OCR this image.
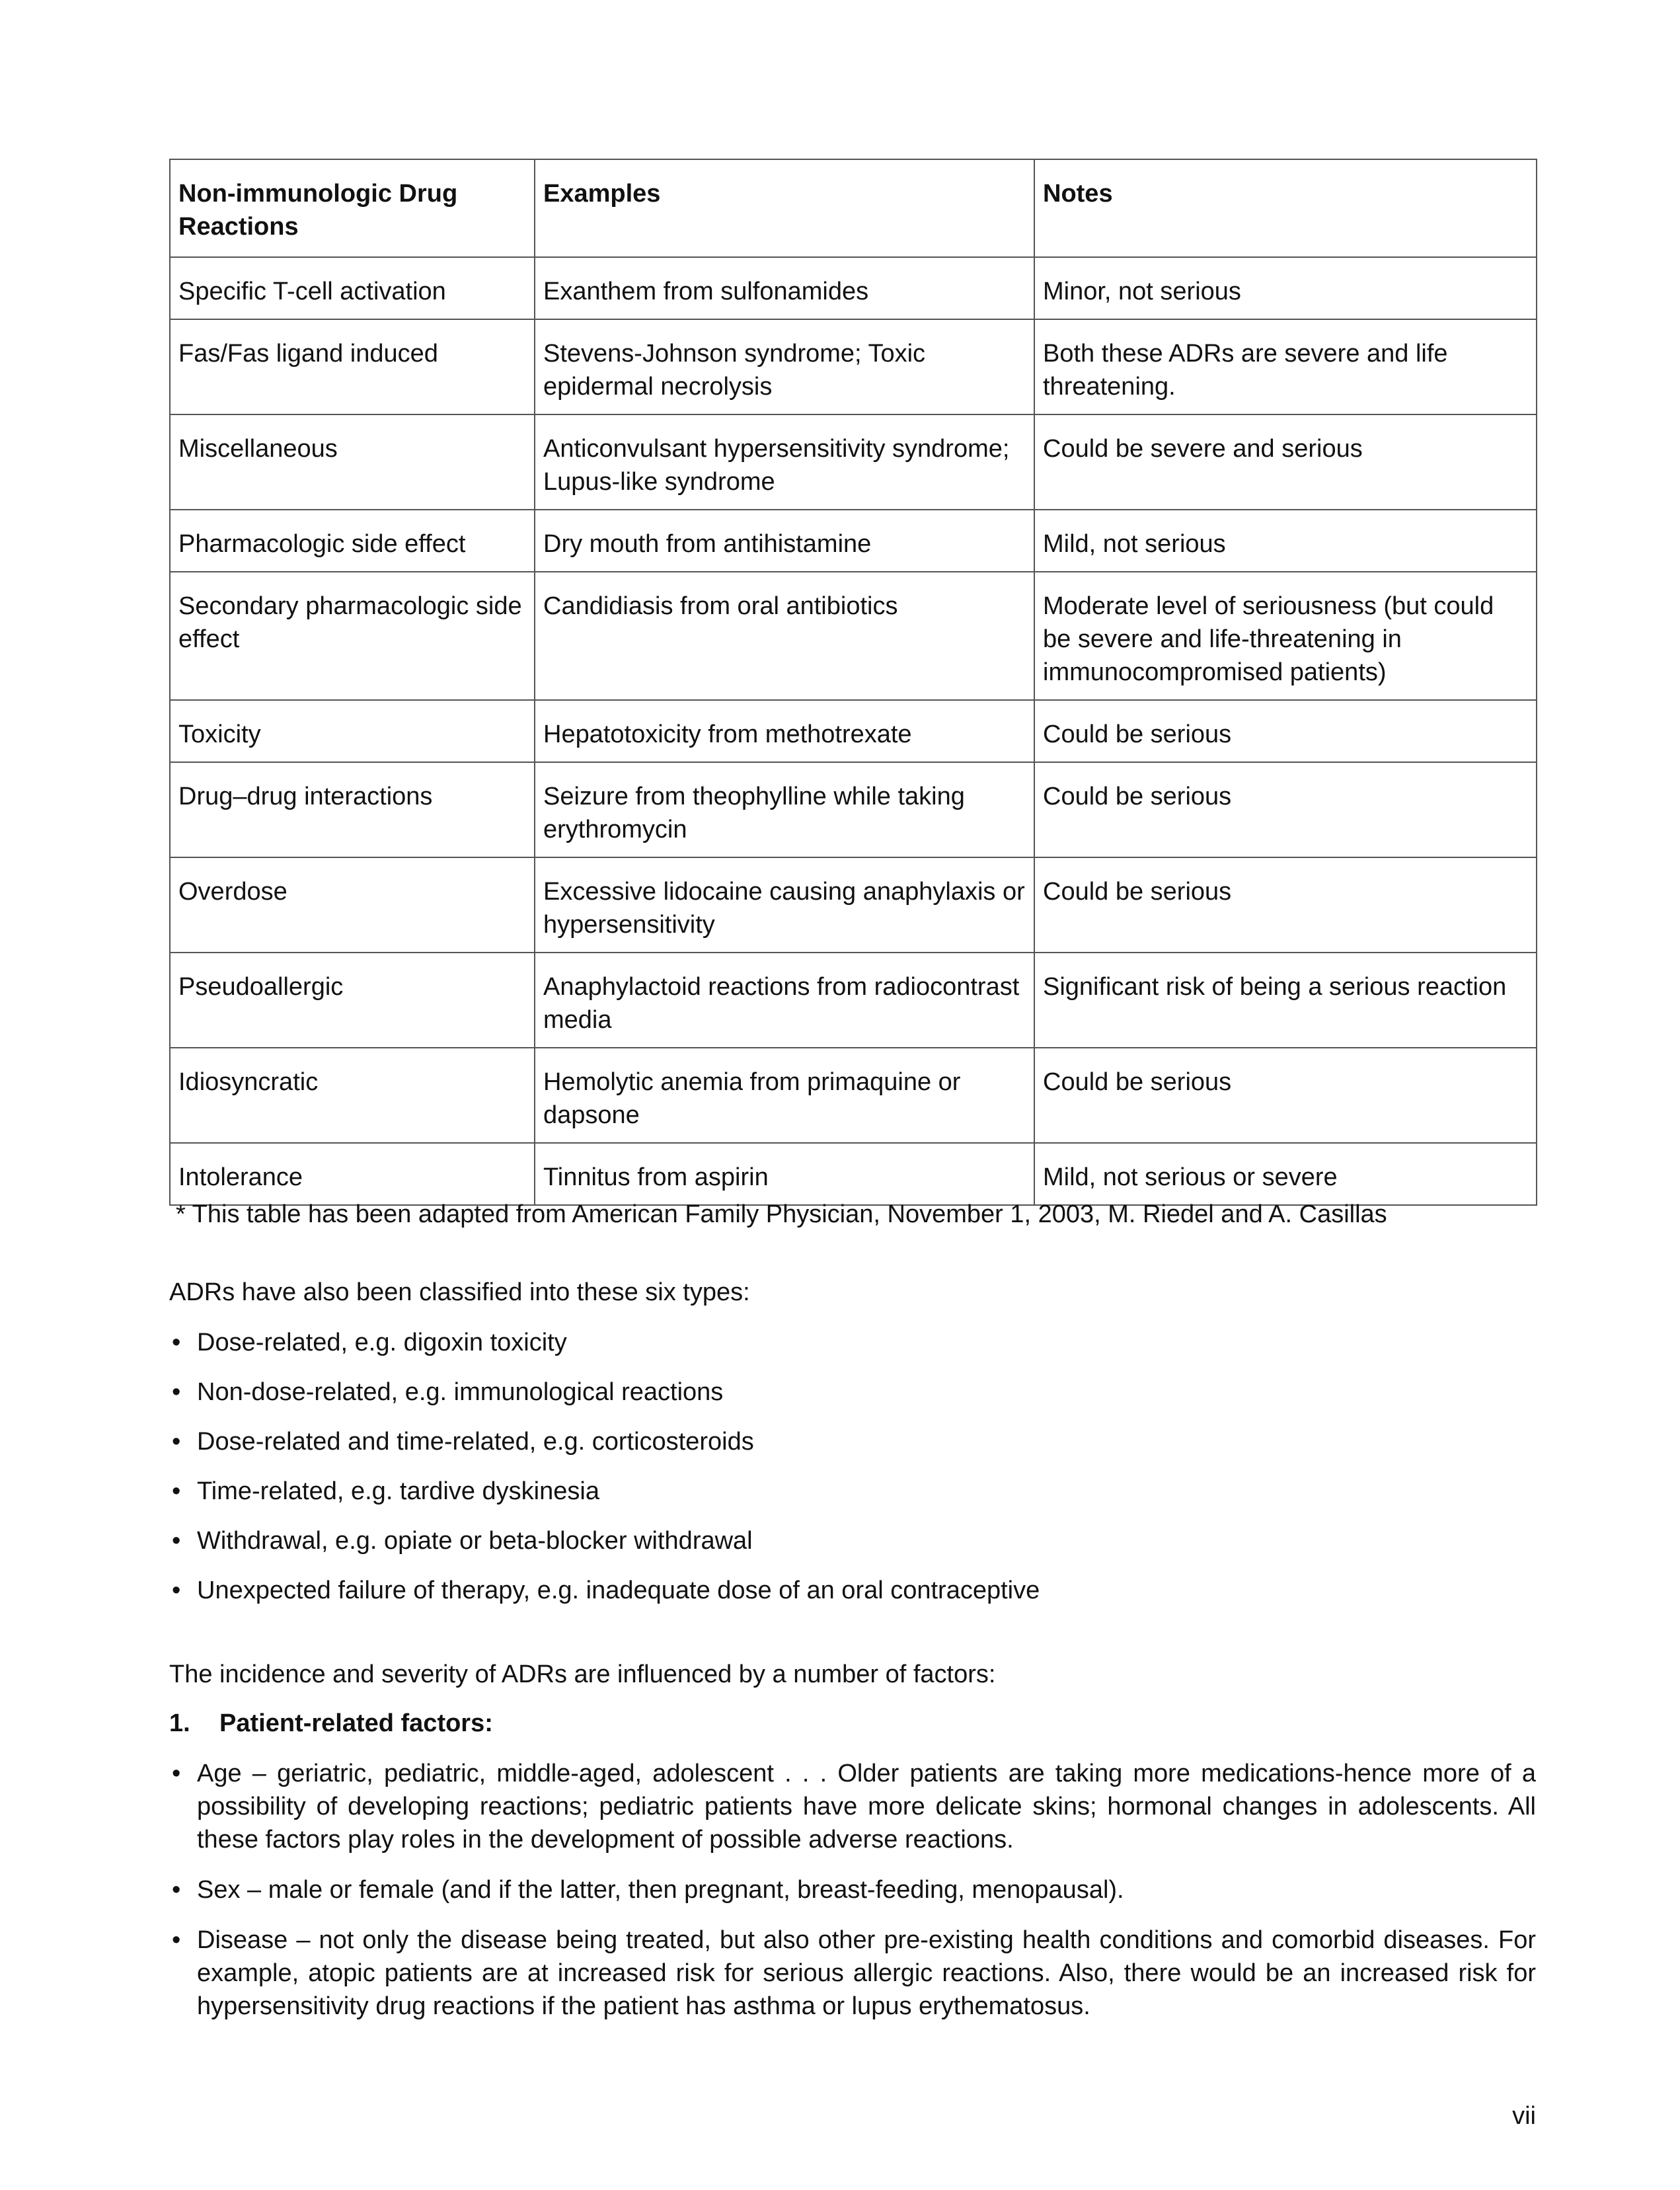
Non-immunologic Drug Reactions	Examples	Notes
Specific T-cell activation	Exanthem from sulfonamides	Minor, not serious
Fas/Fas ligand induced	Stevens-Johnson syndrome; Toxic epidermal necrolysis	Both these ADRs are severe and life threatening.
Miscellaneous	Anticonvulsant hypersensitivity syndrome; Lupus-like syndrome	Could be severe and serious
Pharmacologic side effect	Dry mouth from antihistamine	Mild, not serious
Secondary pharmacologic side effect	Candidiasis from oral antibiotics	Moderate level of seriousness (but could be severe and life-threatening in immunocompromised patients)
Toxicity	Hepatotoxicity from methotrexate	Could be serious
Drug–drug interactions	Seizure from theophylline while taking erythromycin	Could be serious
Overdose	Excessive lidocaine causing anaphylaxis or hypersensitivity	Could be serious
Pseudoallergic	Anaphylactoid reactions from radiocontrast media	Significant risk of being a serious reaction
Idiosyncratic	Hemolytic anemia from primaquine or dapsone	Could be serious
Intolerance	Tinnitus from aspirin	Mild, not serious or severe
* This table has been adapted from American Family Physician, November 1, 2003, M. Riedel and A. Casillas
ADRs have also been classified into these six types:
• Dose-related, e.g. digoxin toxicity
• Non-dose-related, e.g. immunological reactions
• Dose-related and time-related, e.g. corticosteroids
• Time-related, e.g. tardive dyskinesia
• Withdrawal, e.g. opiate or beta-blocker withdrawal
• Unexpected failure of therapy, e.g. inadequate dose of an oral contraceptive
The incidence and severity of ADRs are influenced by a number of factors:
1. Patient-related factors:
• Age – geriatric, pediatric, middle-aged, adolescent . . . Older patients are taking more medications-hence more of a possibility of developing reactions; pediatric patients have more delicate skins; hormonal changes in adolescents. All these factors play roles in the development of possible adverse reactions.
• Sex – male or female (and if the latter, then pregnant, breast-feeding, menopausal).
• Disease – not only the disease being treated, but also other pre-existing health conditions and comorbid diseases. For example, atopic patients are at increased risk for serious allergic reactions. Also, there would be an increased risk for hypersensitivity drug reactions if the patient has asthma or lupus erythematosus.
vii
